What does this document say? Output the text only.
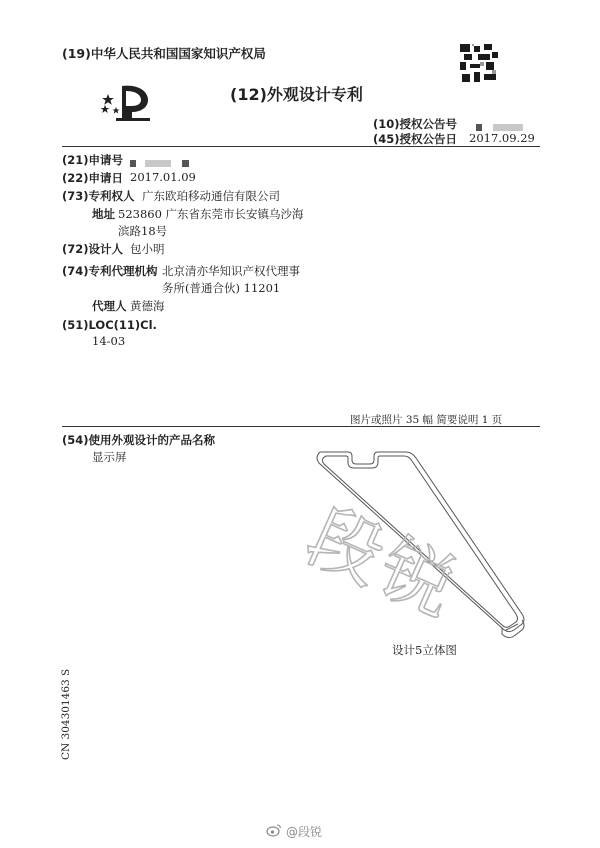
(19)中华人民共和国国家知识产权局
(12)外观设计专利
(10)授权公告号

(45)授权公告日 2017.09.29
(21)申请号

(22)申请日 2017.01.09
(73)专利权人 广东欧珀移动通信有限公司
地址 523860 广东省东莞市长安镇乌沙海
滨路18号
(72)设计人 包小明
(74)专利代理机构 北京清亦华知识产权代理事
务所(普通合伙) 11201
代理人 黄德海
(51)LOC(11)Cl.
14-03
图片或照片 35 幅 简要说明 1 页
(54)使用外观设计的产品名称
显示屏
段锐
设计5立体图
CN 304301463 S
@段锐
